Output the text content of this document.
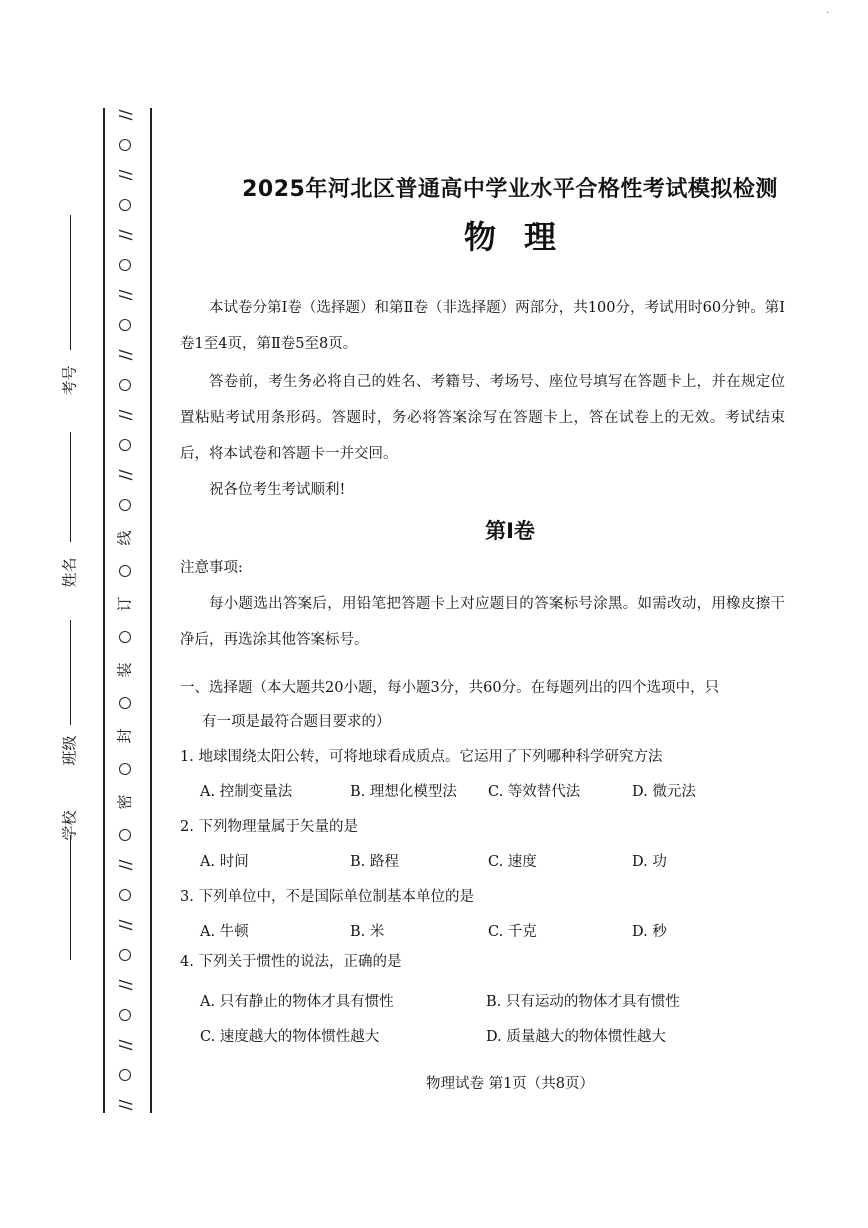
//
//
//
//
//
//
//
线
订
装
封
密
//
//
//
//
//
考号
姓名
班级
学校
·
2025年河北区普通高中学业水平合格性考试模拟检测
物理
本试卷分第Ⅰ卷（选择题）和第Ⅱ卷（非选择题）两部分，共100分，考试用时60分钟。第Ⅰ卷1至4页，第Ⅱ卷5至8页。
答卷前，考生务必将自己的姓名、考籍号、考场号、座位号填写在答题卡上，并在规定位置粘贴考试用条形码。答题时，务必将答案涂写在答题卡上，答在试卷上的无效。考试结束后，将本试卷和答题卡一并交回。
祝各位考生考试顺利!
第Ⅰ卷
注意事项:
每小题选出答案后，用铅笔把答题卡上对应题目的答案标号涂黑。如需改动，用橡皮擦干净后，再选涂其他答案标号。
一、选择题（本大题共20小题，每小题3分，共60分。在每题列出的四个选项中，只
有一项是最符合题目要求的）
1. 地球围绕太阳公转，可将地球看成质点。它运用了下列哪种科学研究方法
A. 控制变量法	B. 理想化模型法 C. 等效替代法	D. 微元法
2. 下列物理量属于矢量的是
A. 时间	B. 路程	C. 速度	D. 功
3. 下列单位中，不是国际单位制基本单位的是
A. 牛顿	B. 米	C. 千克	D. 秒
4. 下列关于惯性的说法，正确的是
A. 只有静止的物体才具有惯性	B. 只有运动的物体才具有惯性
C. 速度越大的物体惯性越大	D. 质量越大的物体惯性越大
物理试卷 第1页（共8页）
